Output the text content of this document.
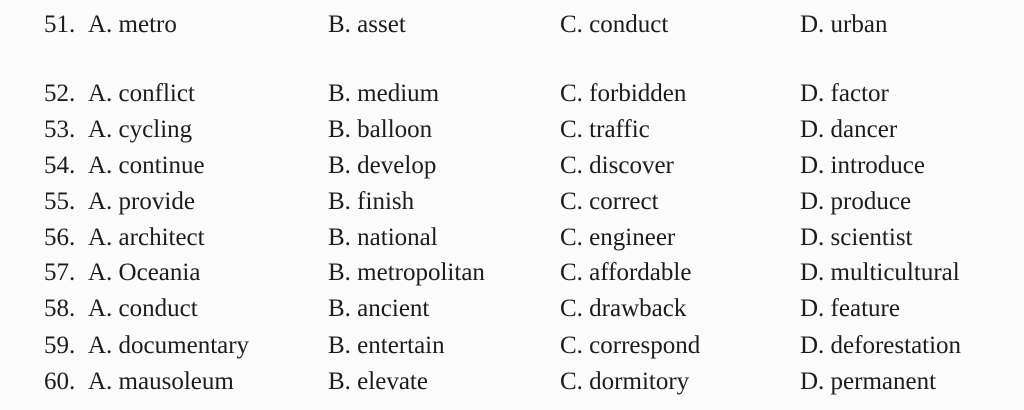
51. A. metro	B. asset	C. conduct	D. urban
52. A. conflict	B. medium	C. forbidden	D. factor
53. A. cycling	B. balloon	C. traffic	D. dancer
54. A. continue	B. develop	C. discover	D. introduce
55. A. provide	B. finish	C. correct	D. produce
56. A. architect	B. national	C. engineer	D. scientist
57. A. Oceania	B. metropolitan	C. affordable	D. multicultural
58. A. conduct	B. ancient	C. drawback	D. feature
59. A. documentary	B. entertain	C. correspond	D. deforestation
60. A. mausoleum	B. elevate	C. dormitory	D. permanent
